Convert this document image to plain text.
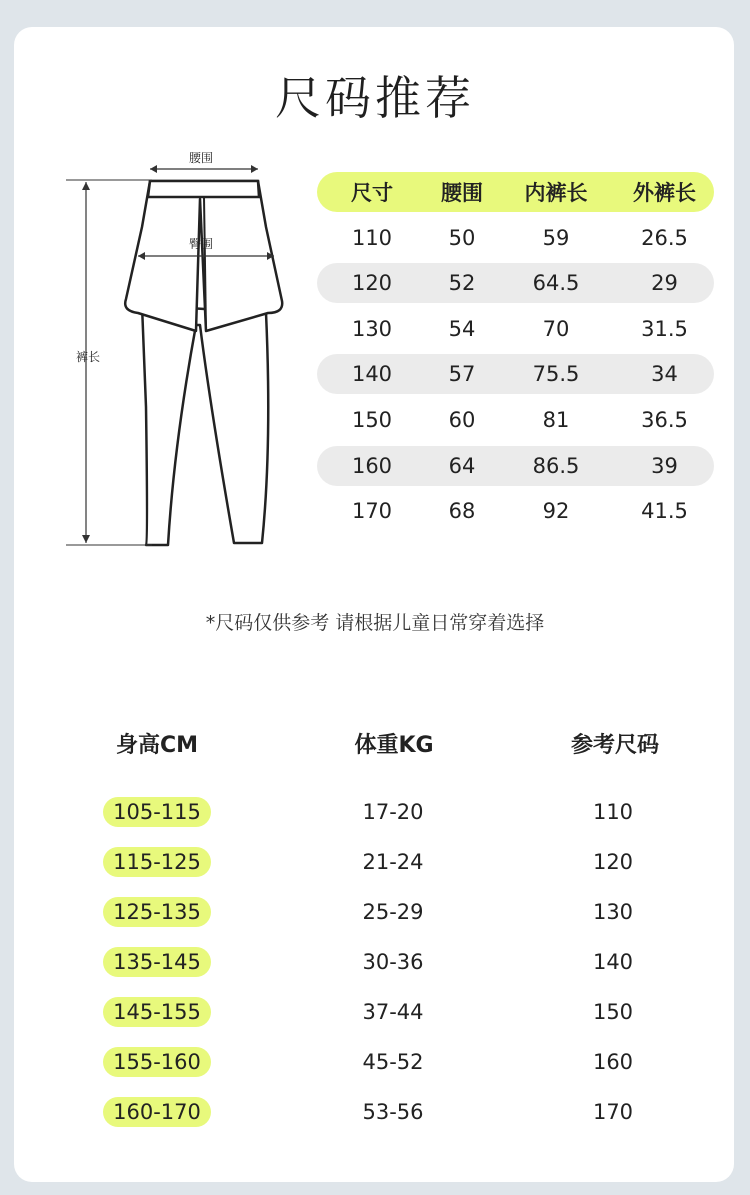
尺码推荐
腰围
臀围
裤长
尺寸	腰围	内裤长	外裤长
110	50	59	26.5
120	52	64.5	29
130	54	70	31.5
140	57	75.5	34
150	60	81	36.5
160	64	86.5	39
170	68	92	41.5
*尺码仅供参考 请根据儿童日常穿着选择
身高CM	体重KG	参考尺码
105-115	17-20	110
115-125	21-24	120
125-135	25-29	130
135-145	30-36	140
145-155	37-44	150
155-160	45-52	160
160-170	53-56	170
